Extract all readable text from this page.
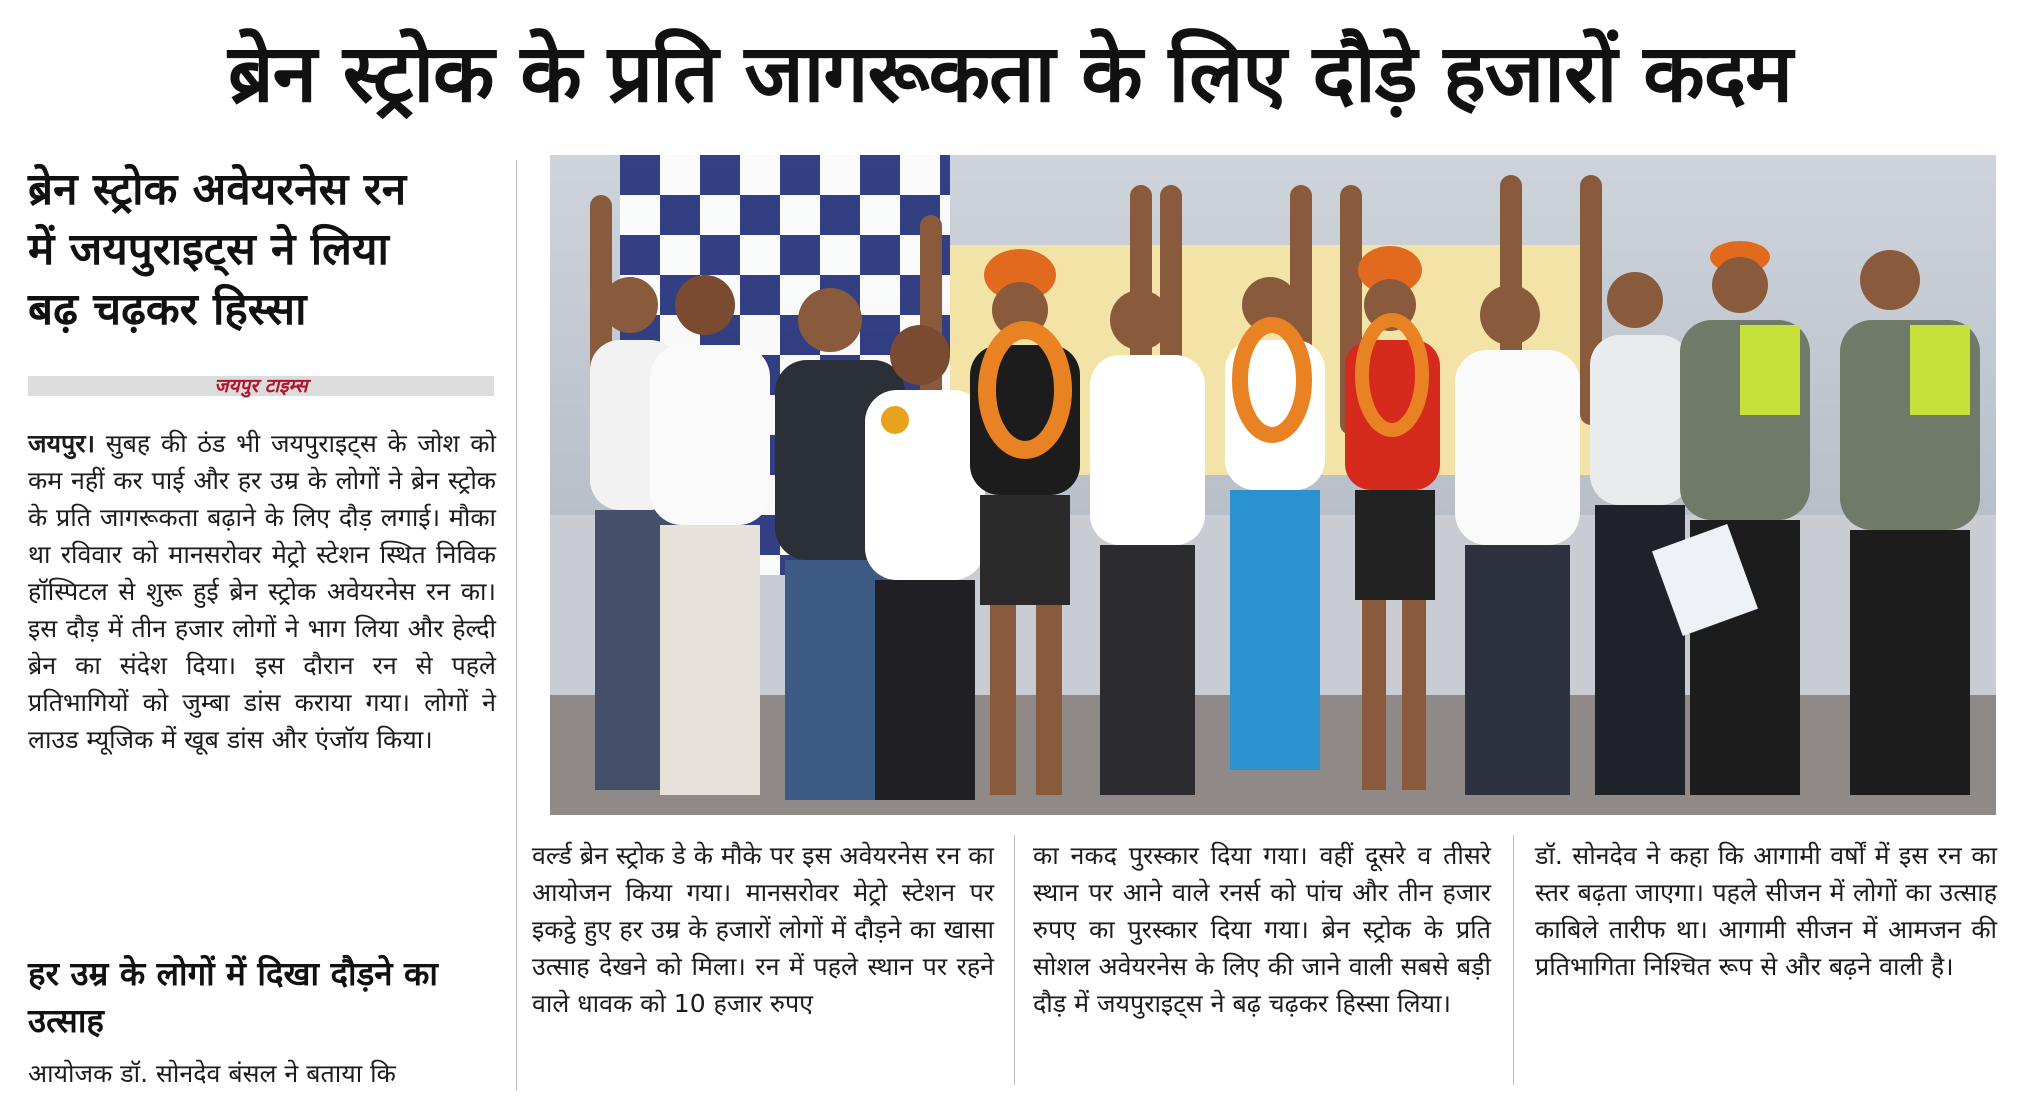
ब्रेन स्ट्रोक के प्रति जागरूकता के लिए दौड़े हजारों कदम
ब्रेन स्ट्रोक अवेयरनेस रन
में जयपुराइट्स ने लिया
बढ़ चढ़कर हिस्सा
जयपुर टाइम्स
जयपुर। सुबह की ठंड भी जयपुराइट्स के जोश को कम नहीं कर पाई और हर उम्र के लोगों ने ब्रेन स्ट्रोक के प्रति जागरूकता बढ़ाने के लिए दौड़ लगाई। मौका था रविवार को मानसरोवर मेट्रो स्टेशन स्थित निविक हॉस्पिटल से शुरू हुई ब्रेन स्ट्रोक अवेयरनेस रन का। इस दौड़ में तीन हजार लोगों ने भाग लिया और हेल्दी ब्रेन का संदेश दिया। इस दौरान रन से पहले प्रतिभागियों को जुम्बा डांस कराया गया। लोगों ने लाउड म्यूजिक में खूब डांस और एंजॉय किया।
हर उम्र के लोगों में दिखा दौड़ने का उत्साह
आयोजक डॉ. सोनदेव बंसल ने बताया कि
वर्ल्ड ब्रेन स्ट्रोक डे के मौके पर इस अवेयरनेस रन का आयोजन किया गया। मानसरोवर मेट्रो स्टेशन पर इकट्ठे हुए हर उम्र के हजारों लोगों में दौड़ने का खासा उत्साह देखने को मिला। रन में पहले स्थान पर रहने वाले धावक को 10 हजार रुपए
का नकद पुरस्कार दिया गया। वहीं दूसरे व तीसरे स्थान पर आने वाले रनर्स को पांच और तीन हजार रुपए का पुरस्कार दिया गया। ब्रेन स्ट्रोक के प्रति सोशल अवेयरनेस के लिए की जाने वाली सबसे बड़ी दौड़ में जयपुराइट्स ने बढ़ चढ़कर हिस्सा लिया।
डॉ. सोनदेव ने कहा कि आगामी वर्षों में इस रन का स्तर बढ़ता जाएगा। पहले सीजन में लोगों का उत्साह काबिले तारीफ था। आगामी सीजन में आमजन की प्रतिभागिता निश्चित रूप से और बढ़ने वाली है।
